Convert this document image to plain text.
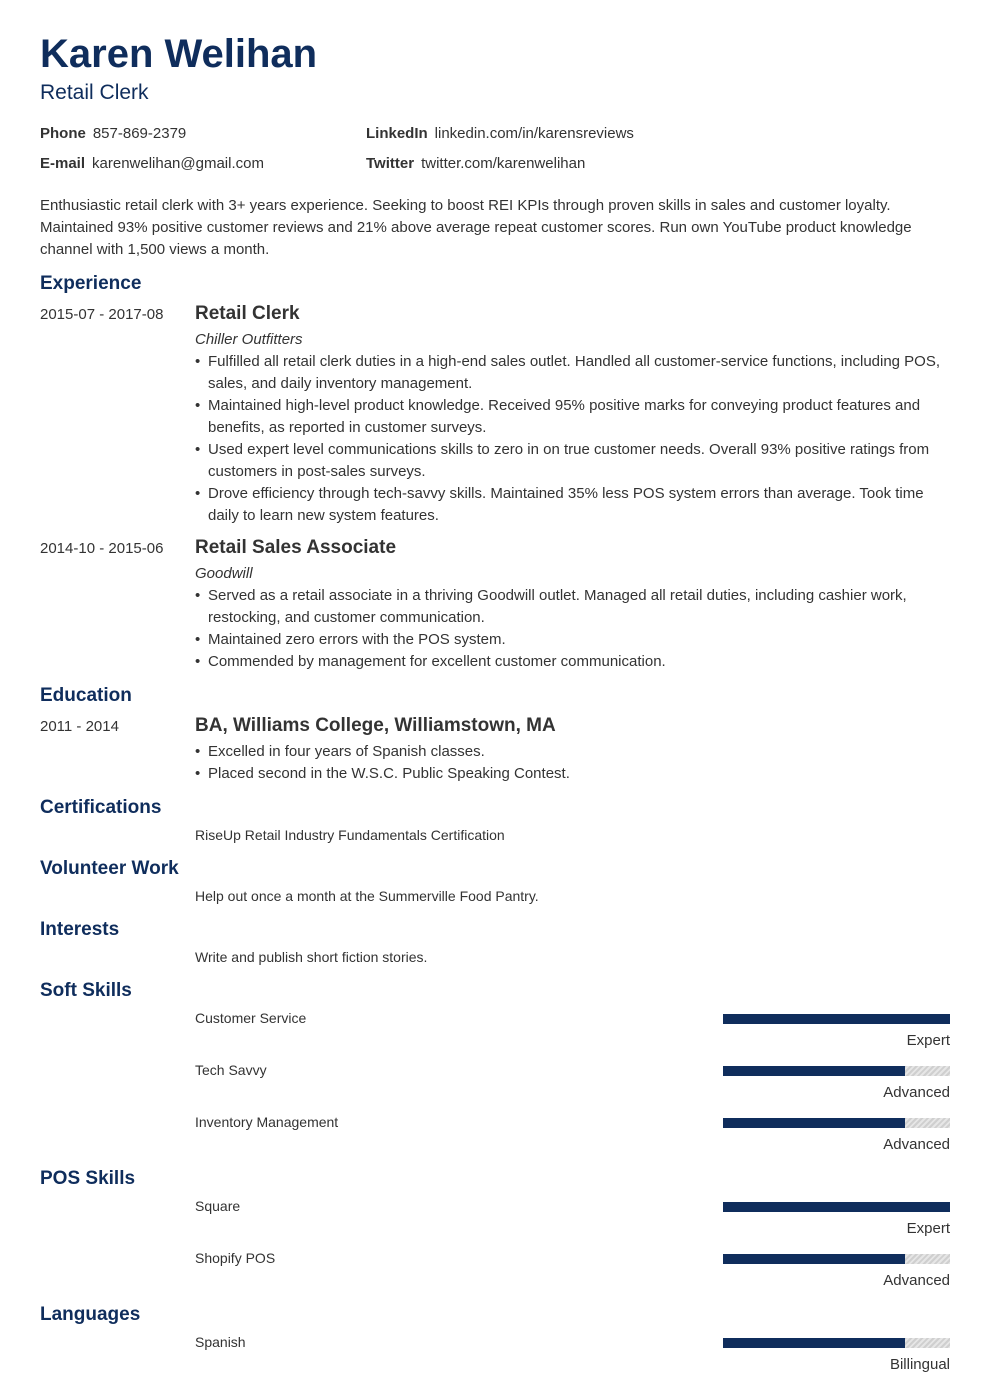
Karen Welihan
Retail Clerk
Phone 857-869-2379
E-mail karenwelihan@gmail.com
LinkedIn linkedin.com/in/karensreviews
Twitter twitter.com/karenwelihan

Enthusiastic retail clerk with 3+ years experience. Seeking to boost REI KPIs through proven skills in sales and customer loyalty. Maintained 93% positive customer reviews and 21% above average repeat customer scores. Run own YouTube product knowledge channel with 1,500 views a month.

Experience
2015-07 - 2017-08 Retail Clerk
Chiller Outfitters
• Fulfilled all retail clerk duties in a high-end sales outlet. Handled all customer-service functions, including POS, sales, and daily inventory management.
• Maintained high-level product knowledge. Received 95% positive marks for conveying product features and benefits, as reported in customer surveys.
• Used expert level communications skills to zero in on true customer needs. Overall 93% positive ratings from customers in post-sales surveys.
• Drove efficiency through tech-savvy skills. Maintained 35% less POS system errors than average. Took time daily to learn new system features.
2014-10 - 2015-06 Retail Sales Associate
Goodwill
• Served as a retail associate in a thriving Goodwill outlet. Managed all retail duties, including cashier work, restocking, and customer communication.
• Maintained zero errors with the POS system.
• Commended by management for excellent customer communication.
Education
2011 - 2014	BA, Williams College, Williamstown, MA
• Excelled in four years of Spanish classes.
• Placed second in the W.S.C. Public Speaking Contest.
Certifications
RiseUp Retail Industry Fundamentals Certification
Volunteer Work
Help out once a month at the Summerville Food Pantry.
Interests
Write and publish short fiction stories.
Soft Skills
Customer Service
Expert
Tech Savvy
Advanced
Inventory Management
Advanced
POS Skills
Square
Expert
Shopify POS
Advanced
Languages
Spanish
Billingual
